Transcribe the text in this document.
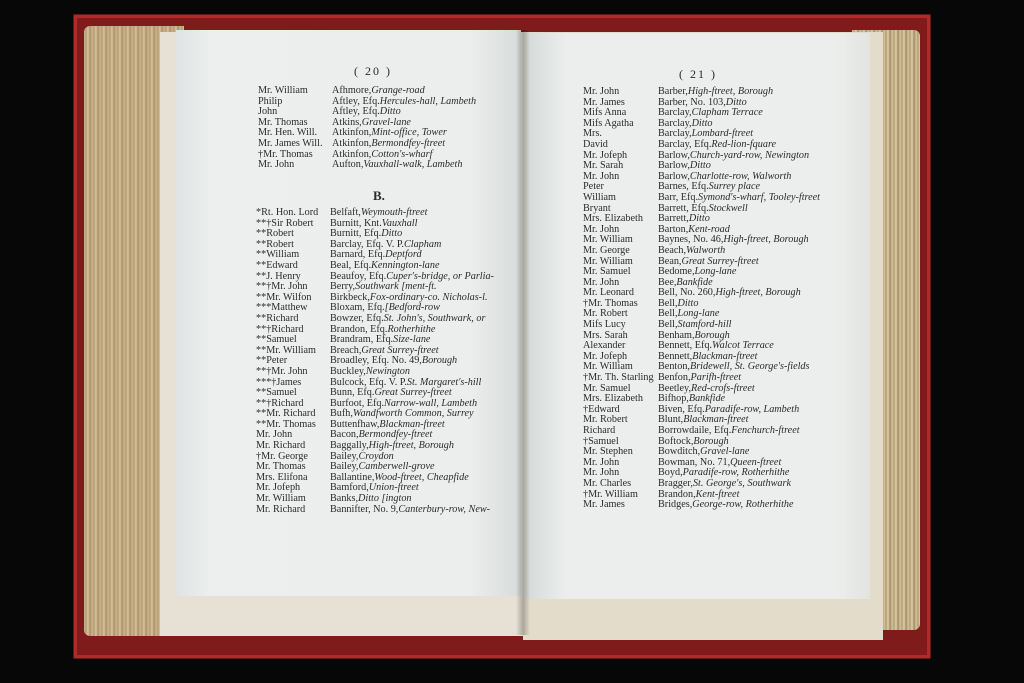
( 20 )
Mr. William	Afhmore, Grange-road
Philip	Aftley, Efq. Hercules-hall, Lambeth
John	Aftley, Efq. Ditto
Mr. Thomas	Atkins, Gravel-lane
Mr. Hen. Will.	Atkinfon, Mint-office, Tower
Mr. James Will. Atkinfon, Bermondfey-ftreet
†Mr. Thomas	Atkinfon, Cotton's-wharf
Mr. John	Aufton, Vauxhall-walk, Lambeth
B.
*Rt. Hon. Lord	Belfaft, Weymouth-ftreet
**†Sir Robert	Burnitt, Knt. Vauxhall
**Robert	Burnitt, Efq. Ditto
**Robert	Barclay, Efq. V. P. Clapham
**William	Barnard, Efq. Deptford
**Edward	Beal, Efq. Kennington-lane
**J. Henry	Beaufoy, Efq. Cuper's-bridge, or Parlia-
**†Mr. John	Berry, Southwark [ment-ft.
**Mr. Wilfon	Birkbeck, Fox-ordinary-co. Nicholas-l.
***Matthew	Bloxam, Efq. [Bedford-row
**Richard	Bowzer, Efq. St. John's, Southwark, or
**†Richard	Brandon, Efq. Rotherhithe
**Samuel	Brandram, Efq. Size-lane
**Mr. William	Breach, Great Surrey-ftreet
**Peter	Broadley, Efq. No. 49, Borough
**†Mr. John	Buckley, Newington
***†James	Bulcock, Efq. V. P. St. Margaret's-hill
**Samuel	Bunn, Efq. Great Surrey-ftreet
**†Richard	Burfoot, Efq. Narrow-wall, Lambeth
**Mr. Richard	Bufh, Wandfworth Common, Surrey
**Mr. Thomas	Buttenfhaw, Blackman-ftreet
Mr. John	Bacon, Bermondfey-ftreet
Mr. Richard	Baggally, High-ftreet, Borough
†Mr. George	Bailey, Croydon
Mr. Thomas	Bailey, Camberwell-grove
Mrs. Elifona	Ballantine, Wood-ftreet, Cheapfide
Mr. Jofeph	Bamford, Union-ftreet
Mr. William	Banks, Ditto [ington
Mr. Richard	Bannifter, No. 9, Canterbury-row, New-
( 21 )
Mr. John	Barber, High-ftreet, Borough
Mr. James	Barber, No. 103, Ditto
Mifs Anna	Barclay, Clapham Terrace
Mifs Agatha	Barclay, Ditto
Mrs.	Barclay, Lombard-ftreet
David	Barclay, Efq. Red-lion-fquare
Mr. Jofeph	Barlow, Church-yard-row, Newington
Mr. Sarah	Barlow, Ditto
Mr. John	Barlow, Charlotte-row, Walworth
Peter	Barnes, Efq. Surrey place
William	Barr, Efq. Symond's-wharf, Tooley-ftreet
Bryant	Barrett, Efq. Stockwell
Mrs. Elizabeth	Barrett, Ditto
Mr. John	Barton, Kent-road
Mr. William	Baynes, No. 46, High-ftreet, Borough
Mr. George	Beach, Walworth
Mr. William	Bean, Great Surrey-ftreet
Mr. Samuel	Bedome, Long-lane
Mr. John	Bee, Bankfide
Mr. Leonard	Bell, No. 260, High-ftreet, Borough
†Mr. Thomas	Bell, Ditto
Mr. Robert	Bell, Long-lane
Mifs Lucy	Bell, Stamford-hill
Mrs. Sarah	Benham, Borough
Alexander	Bennett, Efq. Walcot Terrace
Mr. Jofeph	Bennett, Blackman-ftreet
Mr. William	Benton, Bridewell, St. George's-fields
†Mr. Th. Starling Benfon, Parifh-ftreet
Mr. Samuel	Beetley, Red-crofs-ftreet
Mrs. Elizabeth	Bifhop, Bankfide
†Edward	Biven, Efq. Paradife-row, Lambeth
Mr. Robert	Blunt, Blackman-ftreet
Richard	Borrowdaile, Efq. Fenchurch-ftreet
†Samuel	Boftock, Borough
Mr. Stephen	Bowditch, Gravel-lane
Mr. John	Bowman, No. 71, Queen-ftreet
Mr. John	Boyd, Paradife-row, Rotherhithe
Mr. Charles	Bragger, St. George's, Southwark
†Mr. William	Brandon, Kent-ftreet
Mr. James	Bridges, George-row, Rotherhithe
